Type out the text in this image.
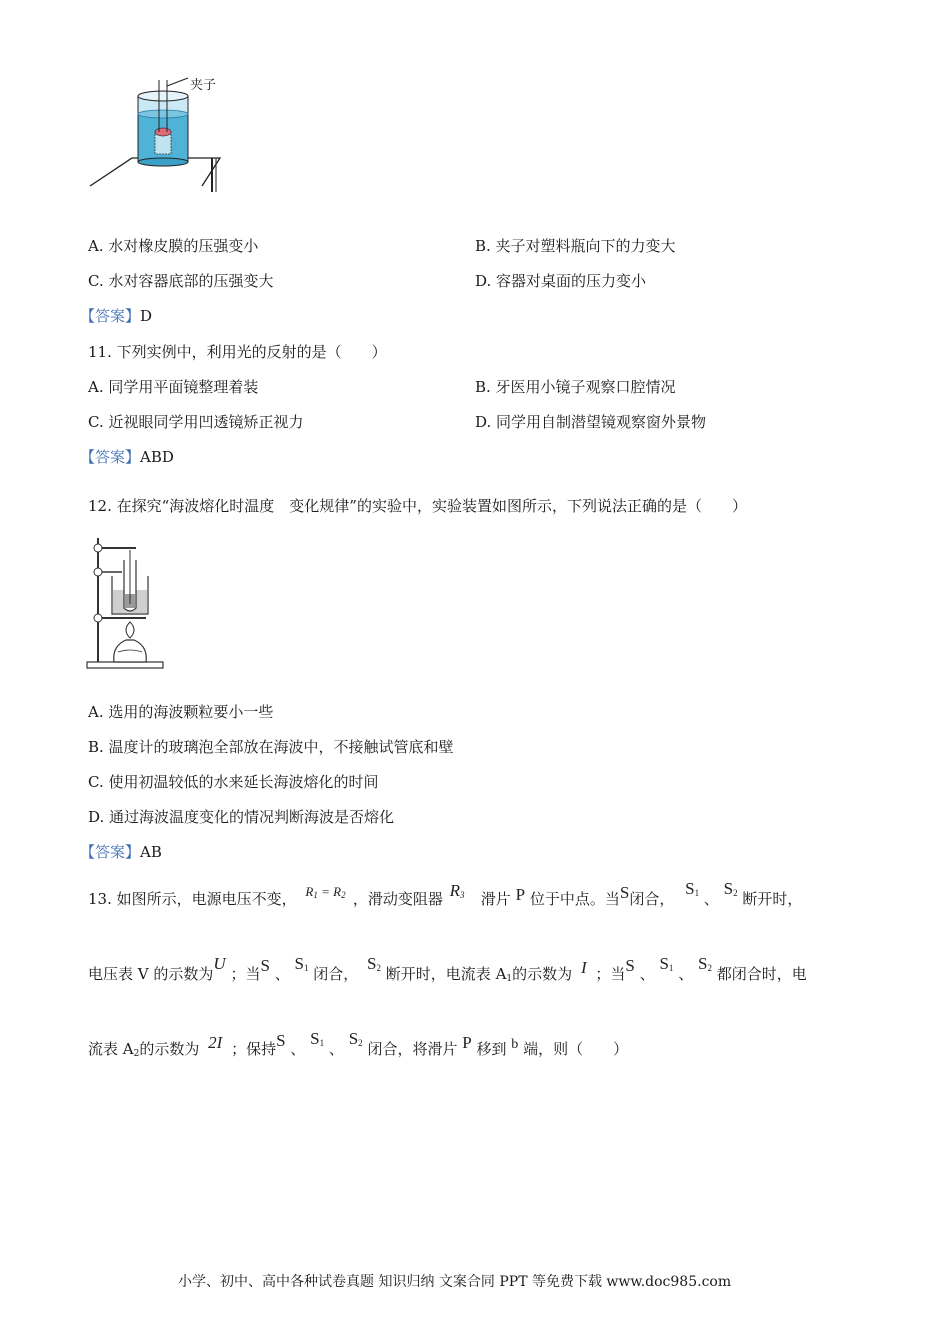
夹子
A. 水对橡皮膜的压强变小	B. 夹子对塑料瓶向下的力变大
C. 水对容器底部的压强变大	D. 容器对桌面的压力变小
【答案】D
11. 下列实例中，利用光的反射的是（　　）
A. 同学用平面镜整理着装	B. 牙医用小镜子观察口腔情况
C. 近视眼同学用凹透镜矫正视力	D. 同学用自制潜望镜观察窗外景物
【答案】ABD
12. 在探究“海波熔化时温度　变化规律”的实验中，实验装置如图所示，下列说法正确的是（　　）
A. 选用的海波颗粒要小一些
B. 温度计的玻璃泡全部放在海波中，不接触试管底和壁
C. 使用初温较低的水来延长海波熔化的时间
D. 通过海波温度变化的情况判断海波是否熔化
【答案】AB
13. 如图所示，电源电压不变， $R_1 = R_2$ ，滑动变阻器 $R_3$ 滑片 P 位于中点。当S闭合， $S_1$ 、 $S_2$ 断开时，
电压表 V 的示数为U ；当S 、 $S_1$ 闭合， $S_2$ 断开时，电流表 $A_1$的示数为 I ；当S 、 $S_1$ 、 $S_2$ 都闭合时，电
流表 $A_2$的示数为 2I ；保持S 、 $S_1$ 、 $S_2$ 闭合，将滑片 P 移到 b 端，则（　　）
小学、初中、高中各种试卷真题 知识归纳 文案合同 PPT 等免费下载 www.doc985.com
